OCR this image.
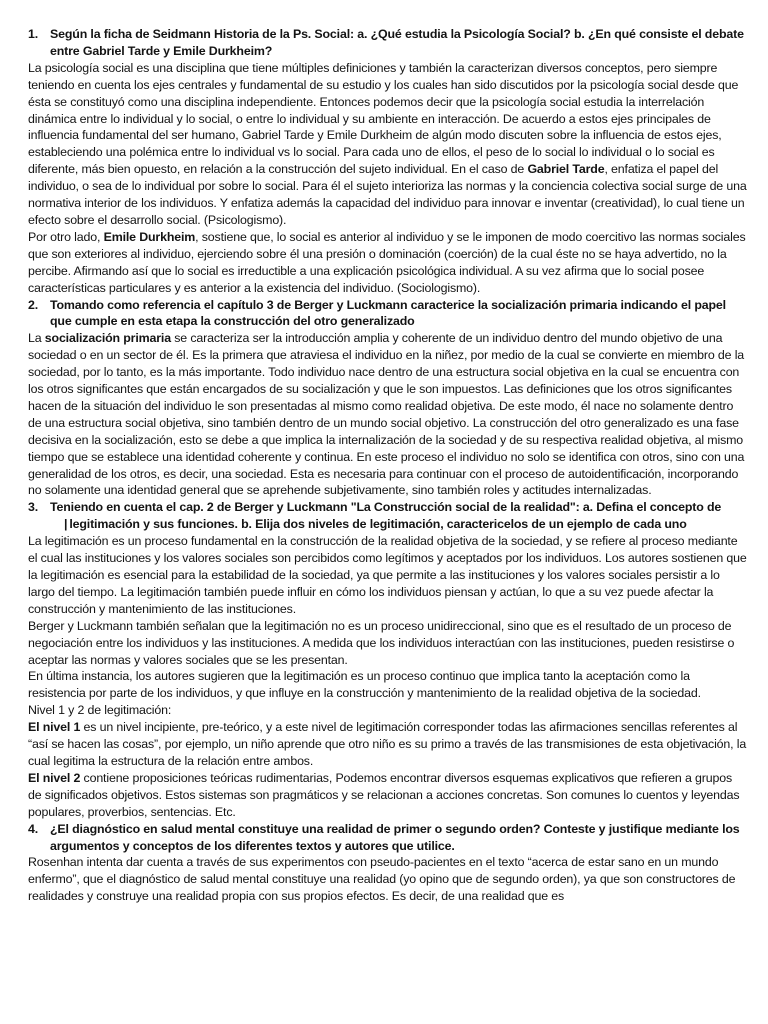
1. Según la ficha de Seidmann Historia de la Ps. Social: a. ¿Qué estudia la Psicología Social? b. ¿En qué consiste el debate entre Gabriel Tarde y Emile Durkheim?

La psicología social es una disciplina que tiene múltiples definiciones y también la caracterizan diversos conceptos, pero siempre teniendo en cuenta los ejes centrales y fundamental de su estudio y los cuales han sido discutidos por la psicología social desde que ésta se constituyó como una disciplina independiente. Entonces podemos decir que la psicología social estudia la interrelación dinámica entre lo individual y lo social, o entre lo individual y su ambiente en interacción. De acuerdo a estos ejes principales de influencia fundamental del ser humano, Gabriel Tarde y Emile Durkheim de algún modo discuten sobre la influencia de estos ejes, estableciendo una polémica entre lo individual vs lo social. Para cada uno de ellos, el peso de lo social lo individual o lo social es diferente, más bien opuesto, en relación a la construcción del sujeto individual. En el caso de Gabriel Tarde, enfatiza el papel del individuo, o sea de lo individual por sobre lo social. Para él el sujeto interioriza las normas y la conciencia colectiva social surge de una normativa interior de los individuos. Y enfatiza además la capacidad del individuo para innovar e inventar (creatividad), lo cual tiene un efecto sobre el desarrollo social. (Psicologismo).

Por otro lado, Emile Durkheim, sostiene que, lo social es anterior al individuo y se le imponen de modo coercitivo las normas sociales que son exteriores al individuo, ejerciendo sobre él una presión o dominación (coerción) de la cual éste no se haya advertido, no la percibe. Afirmando así que lo social es irreductible a una explicación psicológica individual. A su vez afirma que lo social posee características particulares y es anterior a la existencia del individuo. (Sociologismo).

2. Tomando como referencia el capítulo 3 de Berger y Luckmann caracterice la socialización primaria indicando el papel que cumple en esta etapa la construcción del otro generalizado

La socialización primaria se caracteriza ser la introducción amplia y coherente de un individuo dentro del mundo objetivo de una sociedad o en un sector de él. Es la primera que atraviesa el individuo en la niñez, por medio de la cual se convierte en miembro de la sociedad, por lo tanto, es la más importante. Todo individuo nace dentro de una estructura social objetiva en la cual se encuentra con los otros significantes que están encargados de su socialización y que le son impuestos. Las definiciones que los otros significantes hacen de la situación del individuo le son presentadas al mismo como realidad objetiva. De este modo, él nace no solamente dentro de una estructura social objetiva, sino también dentro de un mundo social objetivo. La construcción del otro generalizado es una fase decisiva en la socialización, esto se debe a que implica la internalización de la sociedad y de su respectiva realidad objetiva, al mismo tiempo que se establece una identidad coherente y continua. En este proceso el individuo no solo se identifica con otros, sino con una generalidad de los otros, es decir, una sociedad. Esta es necesaria para continuar con el proceso de autoidentificación, incorporando no solamente una identidad general que se aprehende subjetivamente, sino también roles y actitudes internalizadas.

3. Teniendo en cuenta el cap. 2 de Berger y Luckmann "La Construcción social de la realidad": a. Defina el concepto de
| legitimación y sus funciones. b. Elija dos niveles de legitimación, caractericelos de un ejemplo de cada uno

La legitimación es un proceso fundamental en la construcción de la realidad objetiva de la sociedad, y se refiere al proceso mediante el cual las instituciones y los valores sociales son percibidos como legítimos y aceptados por los individuos. Los autores sostienen que la legitimación es esencial para la estabilidad de la sociedad, ya que permite a las instituciones y los valores sociales persistir a lo largo del tiempo. La legitimación también puede influir en cómo los individuos piensan y actúan, lo que a su vez puede afectar la construcción y mantenimiento de las instituciones.

Berger y Luckmann también señalan que la legitimación no es un proceso unidireccional, sino que es el resultado de un proceso de negociación entre los individuos y las instituciones. A medida que los individuos interactúan con las instituciones, pueden resistirse o aceptar las normas y valores sociales que se les presentan.

En última instancia, los autores sugieren que la legitimación es un proceso continuo que implica tanto la aceptación como la resistencia por parte de los individuos, y que influye en la construcción y mantenimiento de la realidad objetiva de la sociedad.

Nivel 1 y 2 de legitimación:

El nivel 1 es un nivel incipiente, pre-teórico, y a este nivel de legitimación corresponder todas las afirmaciones sencillas referentes al “así se hacen las cosas”, por ejemplo, un niño aprende que otro niño es su primo a través de las transmisiones de esta objetivación, la cual legitima la estructura de la relación entre ambos.

El nivel 2 contiene proposiciones teóricas rudimentarias, Podemos encontrar diversos esquemas explicativos que refieren a grupos de significados objetivos. Estos sistemas son pragmáticos y se relacionan a acciones concretas. Son comunes lo cuentos y leyendas populares, proverbios, sentencias. Etc.

4. ¿El diagnóstico en salud mental constituye una realidad de primer o segundo orden? Conteste y justifique mediante los argumentos y conceptos de los diferentes textos y autores que utilice.

Rosenhan intenta dar cuenta a través de sus experimentos con pseudo-pacientes en el texto “acerca de estar sano en un mundo enfermo”, que el diagnóstico de salud mental constituye una realidad (yo opino que de segundo orden), ya que son constructores de realidades y construye una realidad propia con sus propios efectos. Es decir, de una realidad que es
